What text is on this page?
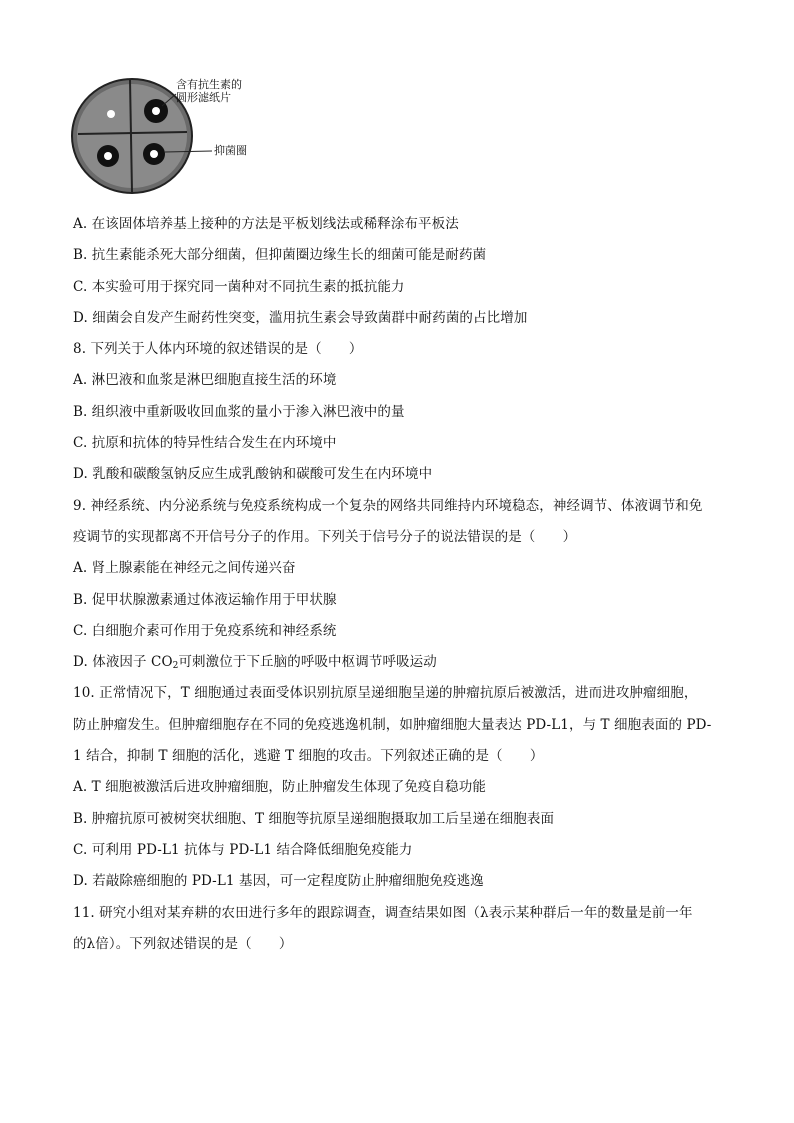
含有抗生素的
圆形滤纸片
抑菌圈
A. 在该固体培养基上接种的方法是平板划线法或稀释涂布平板法
B. 抗生素能杀死大部分细菌，但抑菌圈边缘生长的细菌可能是耐药菌
C. 本实验可用于探究同一菌种对不同抗生素的抵抗能力
D. 细菌会自发产生耐药性突变，滥用抗生素会导致菌群中耐药菌的占比增加
8. 下列关于人体内环境的叙述错误的是（　　）
A. 淋巴液和血浆是淋巴细胞直接生活的环境
B. 组织液中重新吸收回血浆的量小于渗入淋巴液中的量
C. 抗原和抗体的特异性结合发生在内环境中
D. 乳酸和碳酸氢钠反应生成乳酸钠和碳酸可发生在内环境中
9. 神经系统、内分泌系统与免疫系统构成一个复杂的网络共同维持内环境稳态，神经调节、体液调节和免
疫调节的实现都离不开信号分子的作用。下列关于信号分子的说法错误的是（　　）
A. 肾上腺素能在神经元之间传递兴奋
B. 促甲状腺激素通过体液运输作用于甲状腺
C. 白细胞介素可作用于免疫系统和神经系统
D. 体液因子 $CO_2$可刺激位于下丘脑的呼吸中枢调节呼吸运动
10. 正常情况下，T 细胞通过表面受体识别抗原呈递细胞呈递的肿瘤抗原后被激活，进而进攻肿瘤细胞，
防止肿瘤发生。但肿瘤细胞存在不同的免疫逃逸机制，如肿瘤细胞大量表达 PD-L1，与 T 细胞表面的 PD-
1 结合，抑制 T 细胞的活化，逃避 T 细胞的攻击。下列叙述正确的是（　　）
A. T 细胞被激活后进攻肿瘤细胞，防止肿瘤发生体现了免疫自稳功能
B. 肿瘤抗原可被树突状细胞、T 细胞等抗原呈递细胞摄取加工后呈递在细胞表面
C. 可利用 PD-L1 抗体与 PD-L1 结合降低细胞免疫能力
D. 若敲除癌细胞的 PD-L1 基因，可一定程度防止肿瘤细胞免疫逃逸
11. 研究小组对某弃耕的农田进行多年的跟踪调查，调查结果如图（λ表示某种群后一年的数量是前一年
的λ倍）。下列叙述错误的是（　　）
